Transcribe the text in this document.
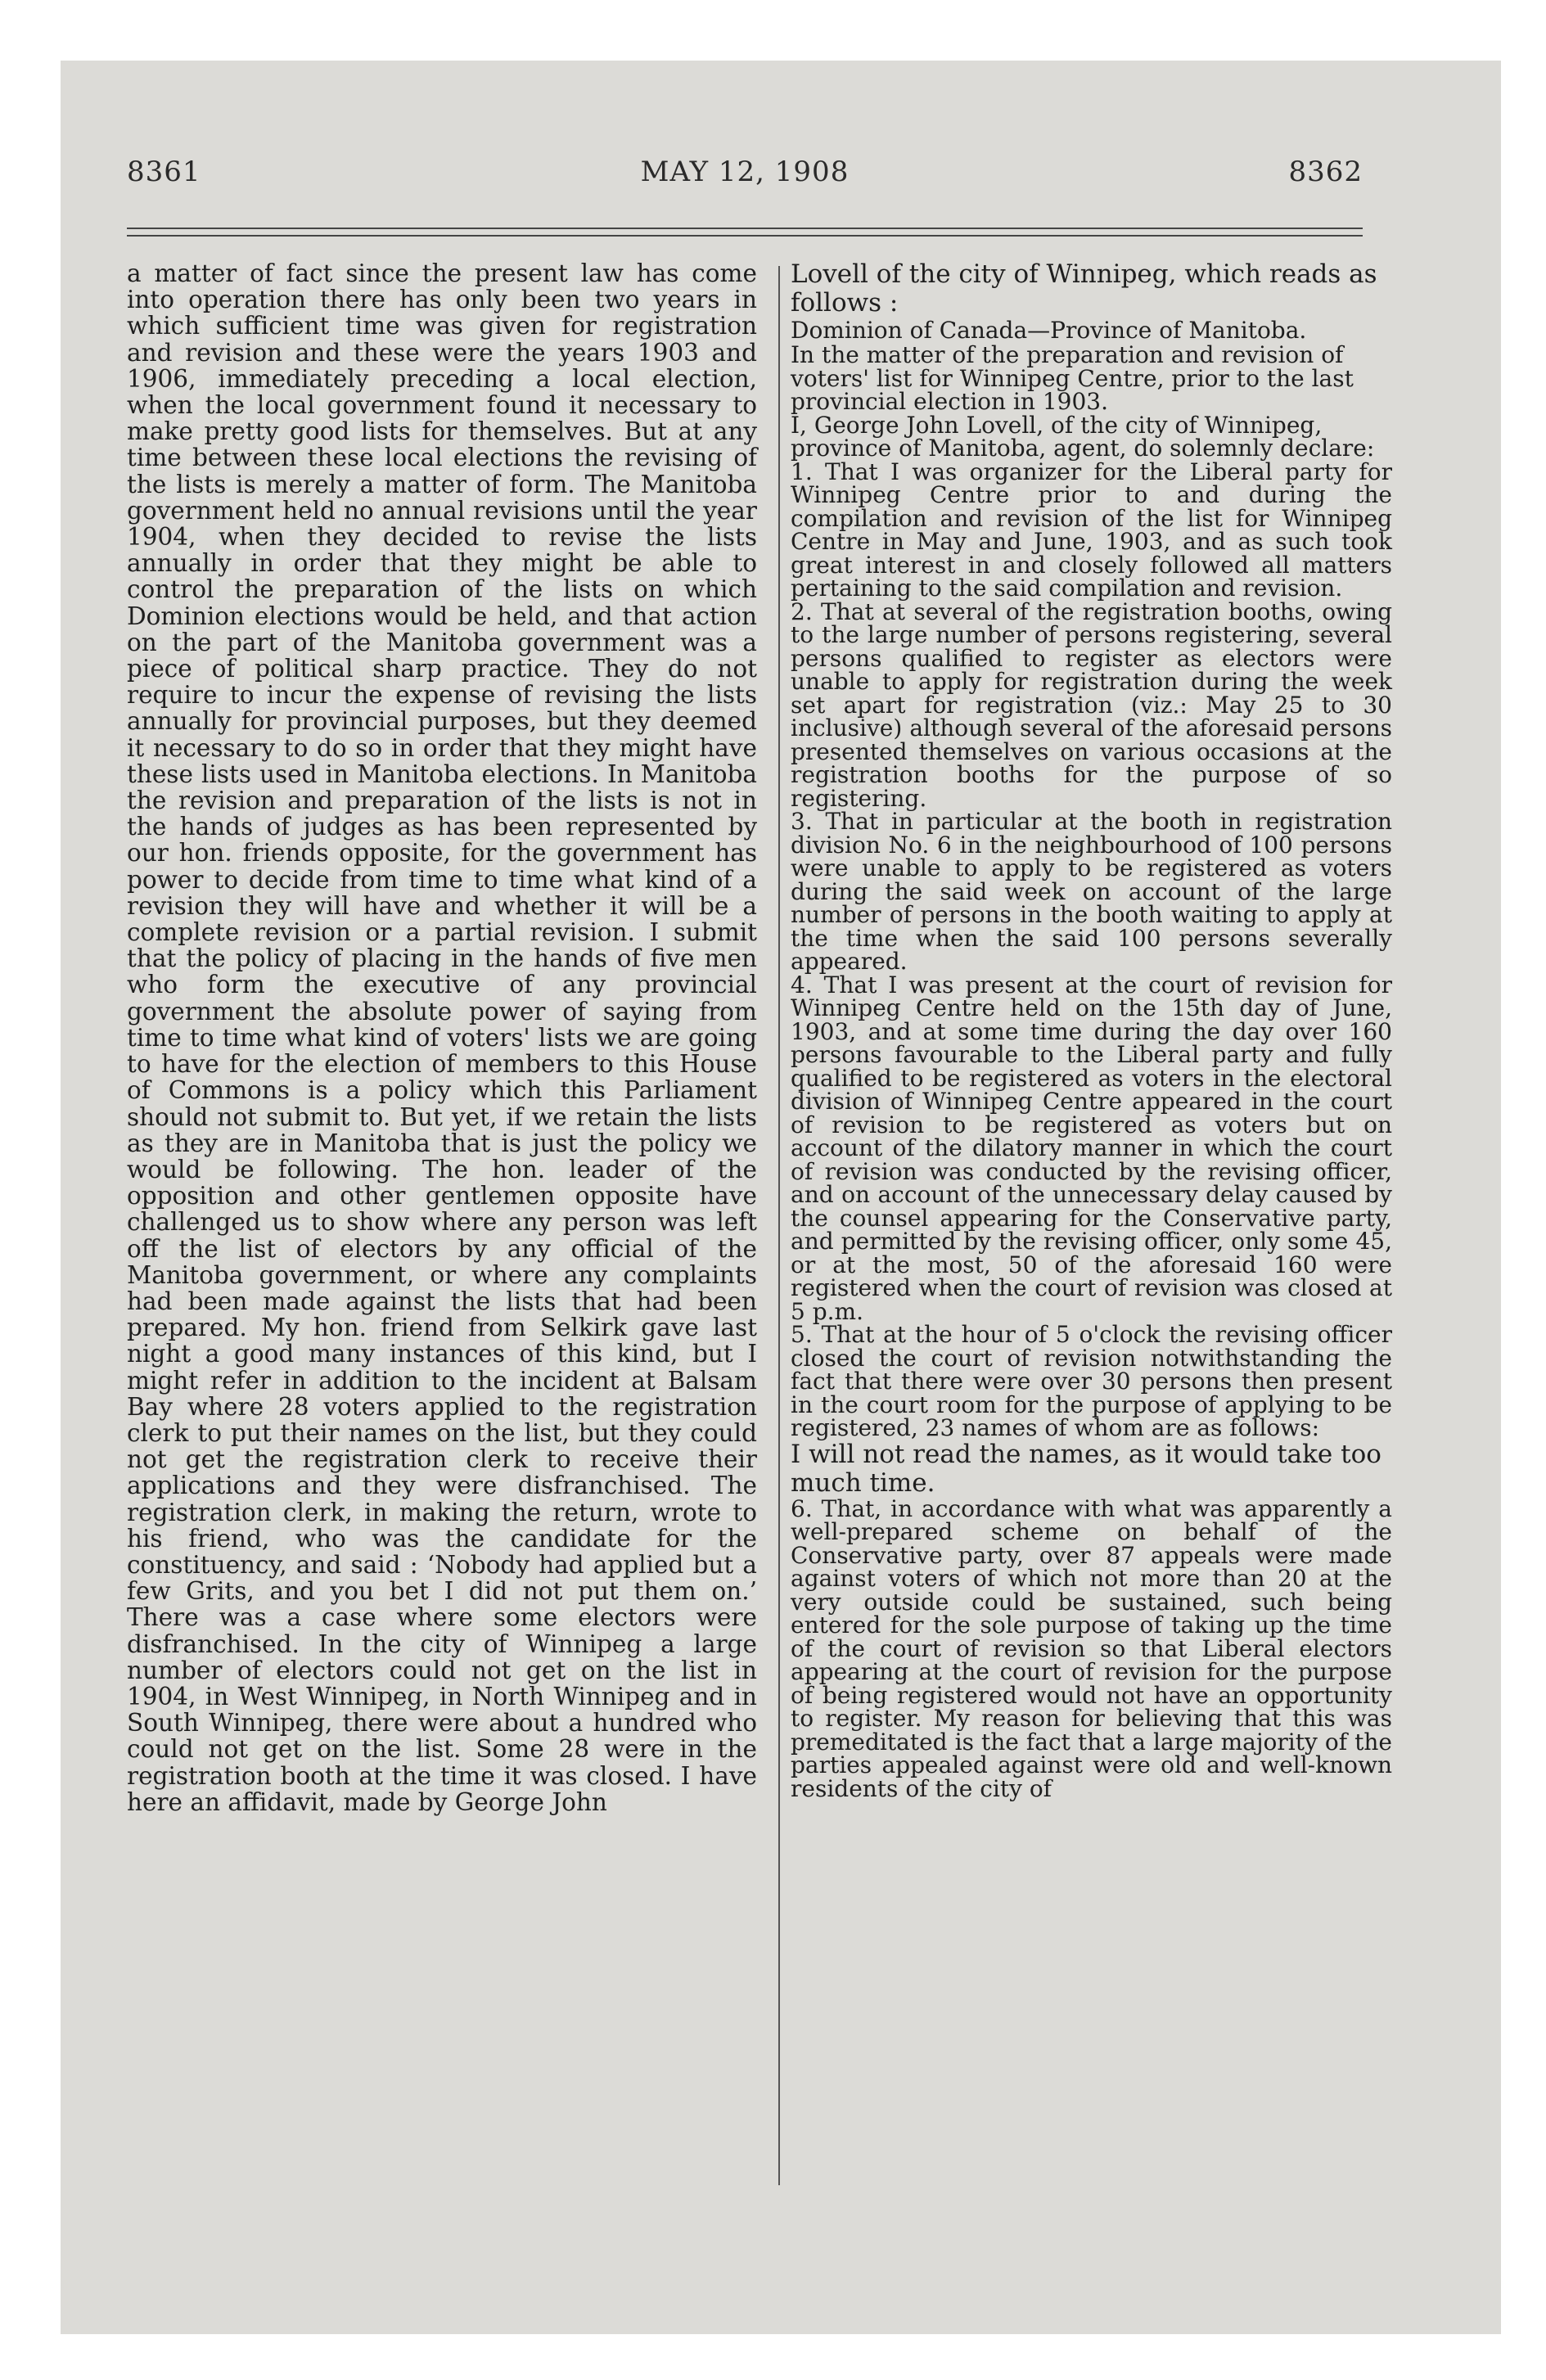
8361	MAY 12, 1908	8362

a matter of fact since the present law has come into operation there has only been two years in which sufficient time was given for registration and revision and these were the years 1903 and 1906, immediately preceding a local election, when the local government found it necessary to make pretty good lists for themselves. But at any time between these local elections the revising of the lists is merely a matter of form. The Manitoba government held no annual revisions until the year 1904, when they decided to revise the lists annually in order that they might be able to control the preparation of the lists on which Dominion elections would be held, and that action on the part of the Manitoba government was a piece of political sharp practice. They do not require to incur the expense of revising the lists annually for provincial purposes, but they deemed it necessary to do so in order that they might have these lists used in Manitoba elections. In Manitoba the revision and preparation of the lists is not in the hands of judges as has been represented by our hon. friends opposite, for the government has power to decide from time to time what kind of a revision they will have and whether it will be a complete revision or a partial revision. I submit that the policy of placing in the hands of five men who form the executive of any provincial government the absolute power of saying from time to time what kind of voters' lists we are going to have for the election of members to this House of Commons is a policy which this Parliament should not submit to. But yet, if we retain the lists as they are in Manitoba that is just the policy we would be following. The hon. leader of the opposition and other gentlemen opposite have challenged us to show where any person was left off the list of electors by any official of the Manitoba government, or where any complaints had been made against the lists that had been prepared. My hon. friend from Selkirk gave last night a good many instances of this kind, but I might refer in addition to the incident at Balsam Bay where 28 voters applied to the registration clerk to put their names on the list, but they could not get the registration clerk to receive their applications and they were disfranchised. The registration clerk, in making the return, wrote to his friend, who was the candidate for the constituency, and said : ‘Nobody had applied but a few Grits, and you bet I did not put them on.’ There was a case where some electors were disfranchised. In the city of Winnipeg a large number of electors could not get on the list in 1904, in West Winnipeg, in North Winnipeg and in South Winnipeg, there were about a hundred who could not get on the list. Some 28 were in the registration booth at the time it was closed. I have here an affidavit, made by George John

Lovell of the city of Winnipeg, which reads as follows :

Dominion of Canada—Province of Manitoba.

In the matter of the preparation and revision of voters' list for Winnipeg Centre, prior to the last provincial election in 1903.

I, George John Lovell, of the city of Winnipeg, province of Manitoba, agent, do solemnly declare:

1. That I was organizer for the Liberal party for Winnipeg Centre prior to and during the compilation and revision of the list for Winnipeg Centre in May and June, 1903, and as such took great interest in and closely followed all matters pertaining to the said compilation and revision.

2. That at several of the registration booths, owing to the large number of persons registering, several persons qualified to register as electors were unable to apply for registration during the week set apart for registration (viz.: May 25 to 30 inclusive) although several of the aforesaid persons presented themselves on various occasions at the registration booths for the purpose of so registering.

3. That in particular at the booth in registration division No. 6 in the neighbourhood of 100 persons were unable to apply to be registered as voters during the said week on account of the large number of persons in the booth waiting to apply at the time when the said 100 persons severally appeared.

4. That I was present at the court of revision for Winnipeg Centre held on the 15th day of June, 1903, and at some time during the day over 160 persons favourable to the Liberal party and fully qualified to be registered as voters in the electoral division of Winnipeg Centre appeared in the court of revision to be registered as voters but on account of the dilatory manner in which the court of revision was conducted by the revising officer, and on account of the unnecessary delay caused by the counsel appearing for the Conservative party, and permitted by the revising officer, only some 45, or at the most, 50 of the aforesaid 160 were registered when the court of revision was closed at 5 p.m.

5. That at the hour of 5 o'clock the revising officer closed the court of revision notwithstanding the fact that there were over 30 persons then present in the court room for the purpose of applying to be registered, 23 names of whom are as follows:

I will not read the names, as it would take too much time.

6. That, in accordance with what was apparently a well-prepared scheme on behalf of the Conservative party, over 87 appeals were made against voters of which not more than 20 at the very outside could be sustained, such being entered for the sole purpose of taking up the time of the court of revision so that Liberal electors appearing at the court of revision for the purpose of being registered would not have an opportunity to register. My reason for believing that this was premeditated is the fact that a large majority of the parties appealed against were old and well-known residents of the city of
